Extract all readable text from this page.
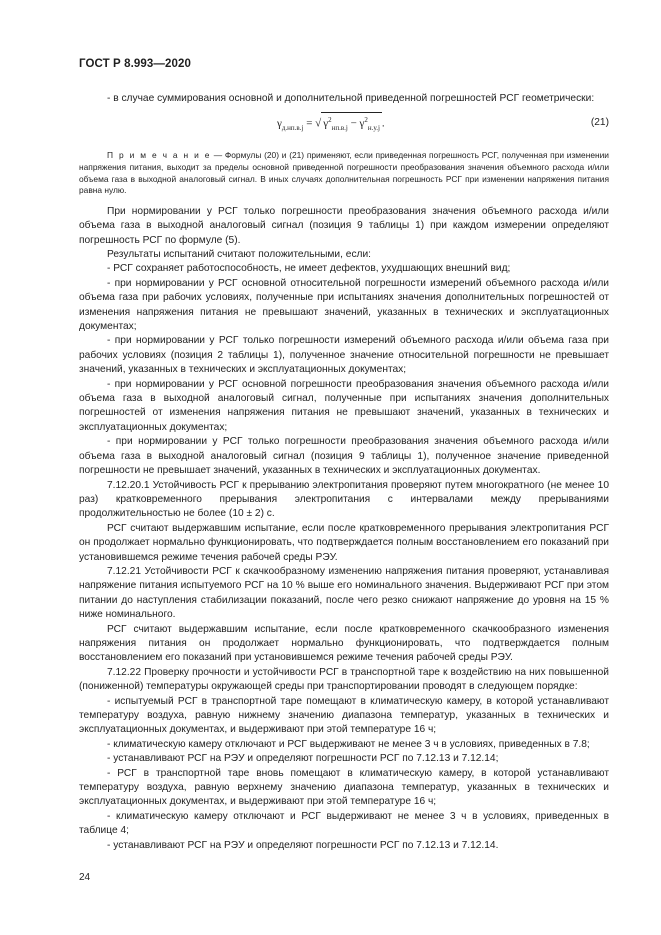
ГОСТ Р 8.993—2020

- в случае суммирования основной и дополнительной приведенной погрешностей РСГ геометрически:

$\gamma_{д.нп.в.j}$ = √ $\gamma^2_{нп.в.j} - \gamma^2_{н.у.j}$ .	(21)

П р и м е ч а н и е — Формулы (20) и (21) применяют, если приведенная погрешность РСГ, полученная при изменении напряжения питания, выходит за пределы основной приведенной погрешности преобразования значения объемного расхода и/или объема газа в выходной аналоговый сигнал. В иных случаях дополнительная погрешность РСГ при изменении напряжения питания равна нулю.

При нормировании у РСГ только погрешности преобразования значения объемного расхода и/или объема газа в выходной аналоговый сигнал (позиция 9 таблицы 1) при каждом измерении определяют погрешность РСГ по формуле (5).

Результаты испытаний считают положительными, если:

- РСГ сохраняет работоспособность, не имеет дефектов, ухудшающих внешний вид;

- при нормировании у РСГ основной относительной погрешности измерений объемного расхода и/или объема газа при рабочих условиях, полученные при испытаниях значения дополнительных погрешностей от изменения напряжения питания не превышают значений, указанных в технических и эксплуатационных документах;

- при нормировании у РСГ только погрешности измерений объемного расхода и/или объема газа при рабочих условиях (позиция 2 таблицы 1), полученное значение относительной погрешности не превышает значений, указанных в технических и эксплуатационных документах;

- при нормировании у РСГ основной погрешности преобразования значения объемного расхода и/или объема газа в выходной аналоговый сигнал, полученные при испытаниях значения дополнительных погрешностей от изменения напряжения питания не превышают значений, указанных в технических и эксплуатационных документах;

- при нормировании у РСГ только погрешности преобразования значения объемного расхода и/или объема газа в выходной аналоговый сигнал (позиция 9 таблицы 1), полученное значение приведенной погрешности не превышает значений, указанных в технических и эксплуатационных документах.

7.12.20.1 Устойчивость РСГ к прерыванию электропитания проверяют путем многократного (не менее 10 раз) кратковременного прерывания электропитания с интервалами между прерываниями продолжительностью не более (10 ± 2) с.

РСГ считают выдержавшим испытание, если после кратковременного прерывания электропитания РСГ он продолжает нормально функционировать, что подтверждается полным восстановлением его показаний при установившемся режиме течения рабочей среды РЭУ.

7.12.21 Устойчивости РСГ к скачкообразному изменению напряжения питания проверяют, устанавливая напряжение питания испытуемого РСГ на 10 % выше его номинального значения. Выдерживают РСГ при этом питании до наступления стабилизации показаний, после чего резко снижают напряжение до уровня на 15 % ниже номинального.

РСГ считают выдержавшим испытание, если после кратковременного скачкообразного изменения напряжения питания он продолжает нормально функционировать, что подтверждается полным восстановлением его показаний при установившемся режиме течения рабочей среды РЭУ.

7.12.22 Проверку прочности и устойчивости РСГ в транспортной таре к воздействию на них повышенной (пониженной) температуры окружающей среды при транспортировании проводят в следующем порядке:

- испытуемый РСГ в транспортной таре помещают в климатическую камеру, в которой устанавливают температуру воздуха, равную нижнему значению диапазона температур, указанных в технических и эксплуатационных документах, и выдерживают при этой температуре 16 ч;

- климатическую камеру отключают и РСГ выдерживают не менее 3 ч в условиях, приведенных в 7.8;

- устанавливают РСГ на РЭУ и определяют погрешности РСГ по 7.12.13 и 7.12.14;

- РСГ в транспортной таре вновь помещают в климатическую камеру, в которой устанавливают температуру воздуха, равную верхнему значению диапазона температур, указанных в технических и эксплуатационных документах, и выдерживают при этой температуре 16 ч;

- климатическую камеру отключают и РСГ выдерживают не менее 3 ч в условиях, приведенных в таблице 4;

- устанавливают РСГ на РЭУ и определяют погрешности РСГ по 7.12.13 и 7.12.14.

24
